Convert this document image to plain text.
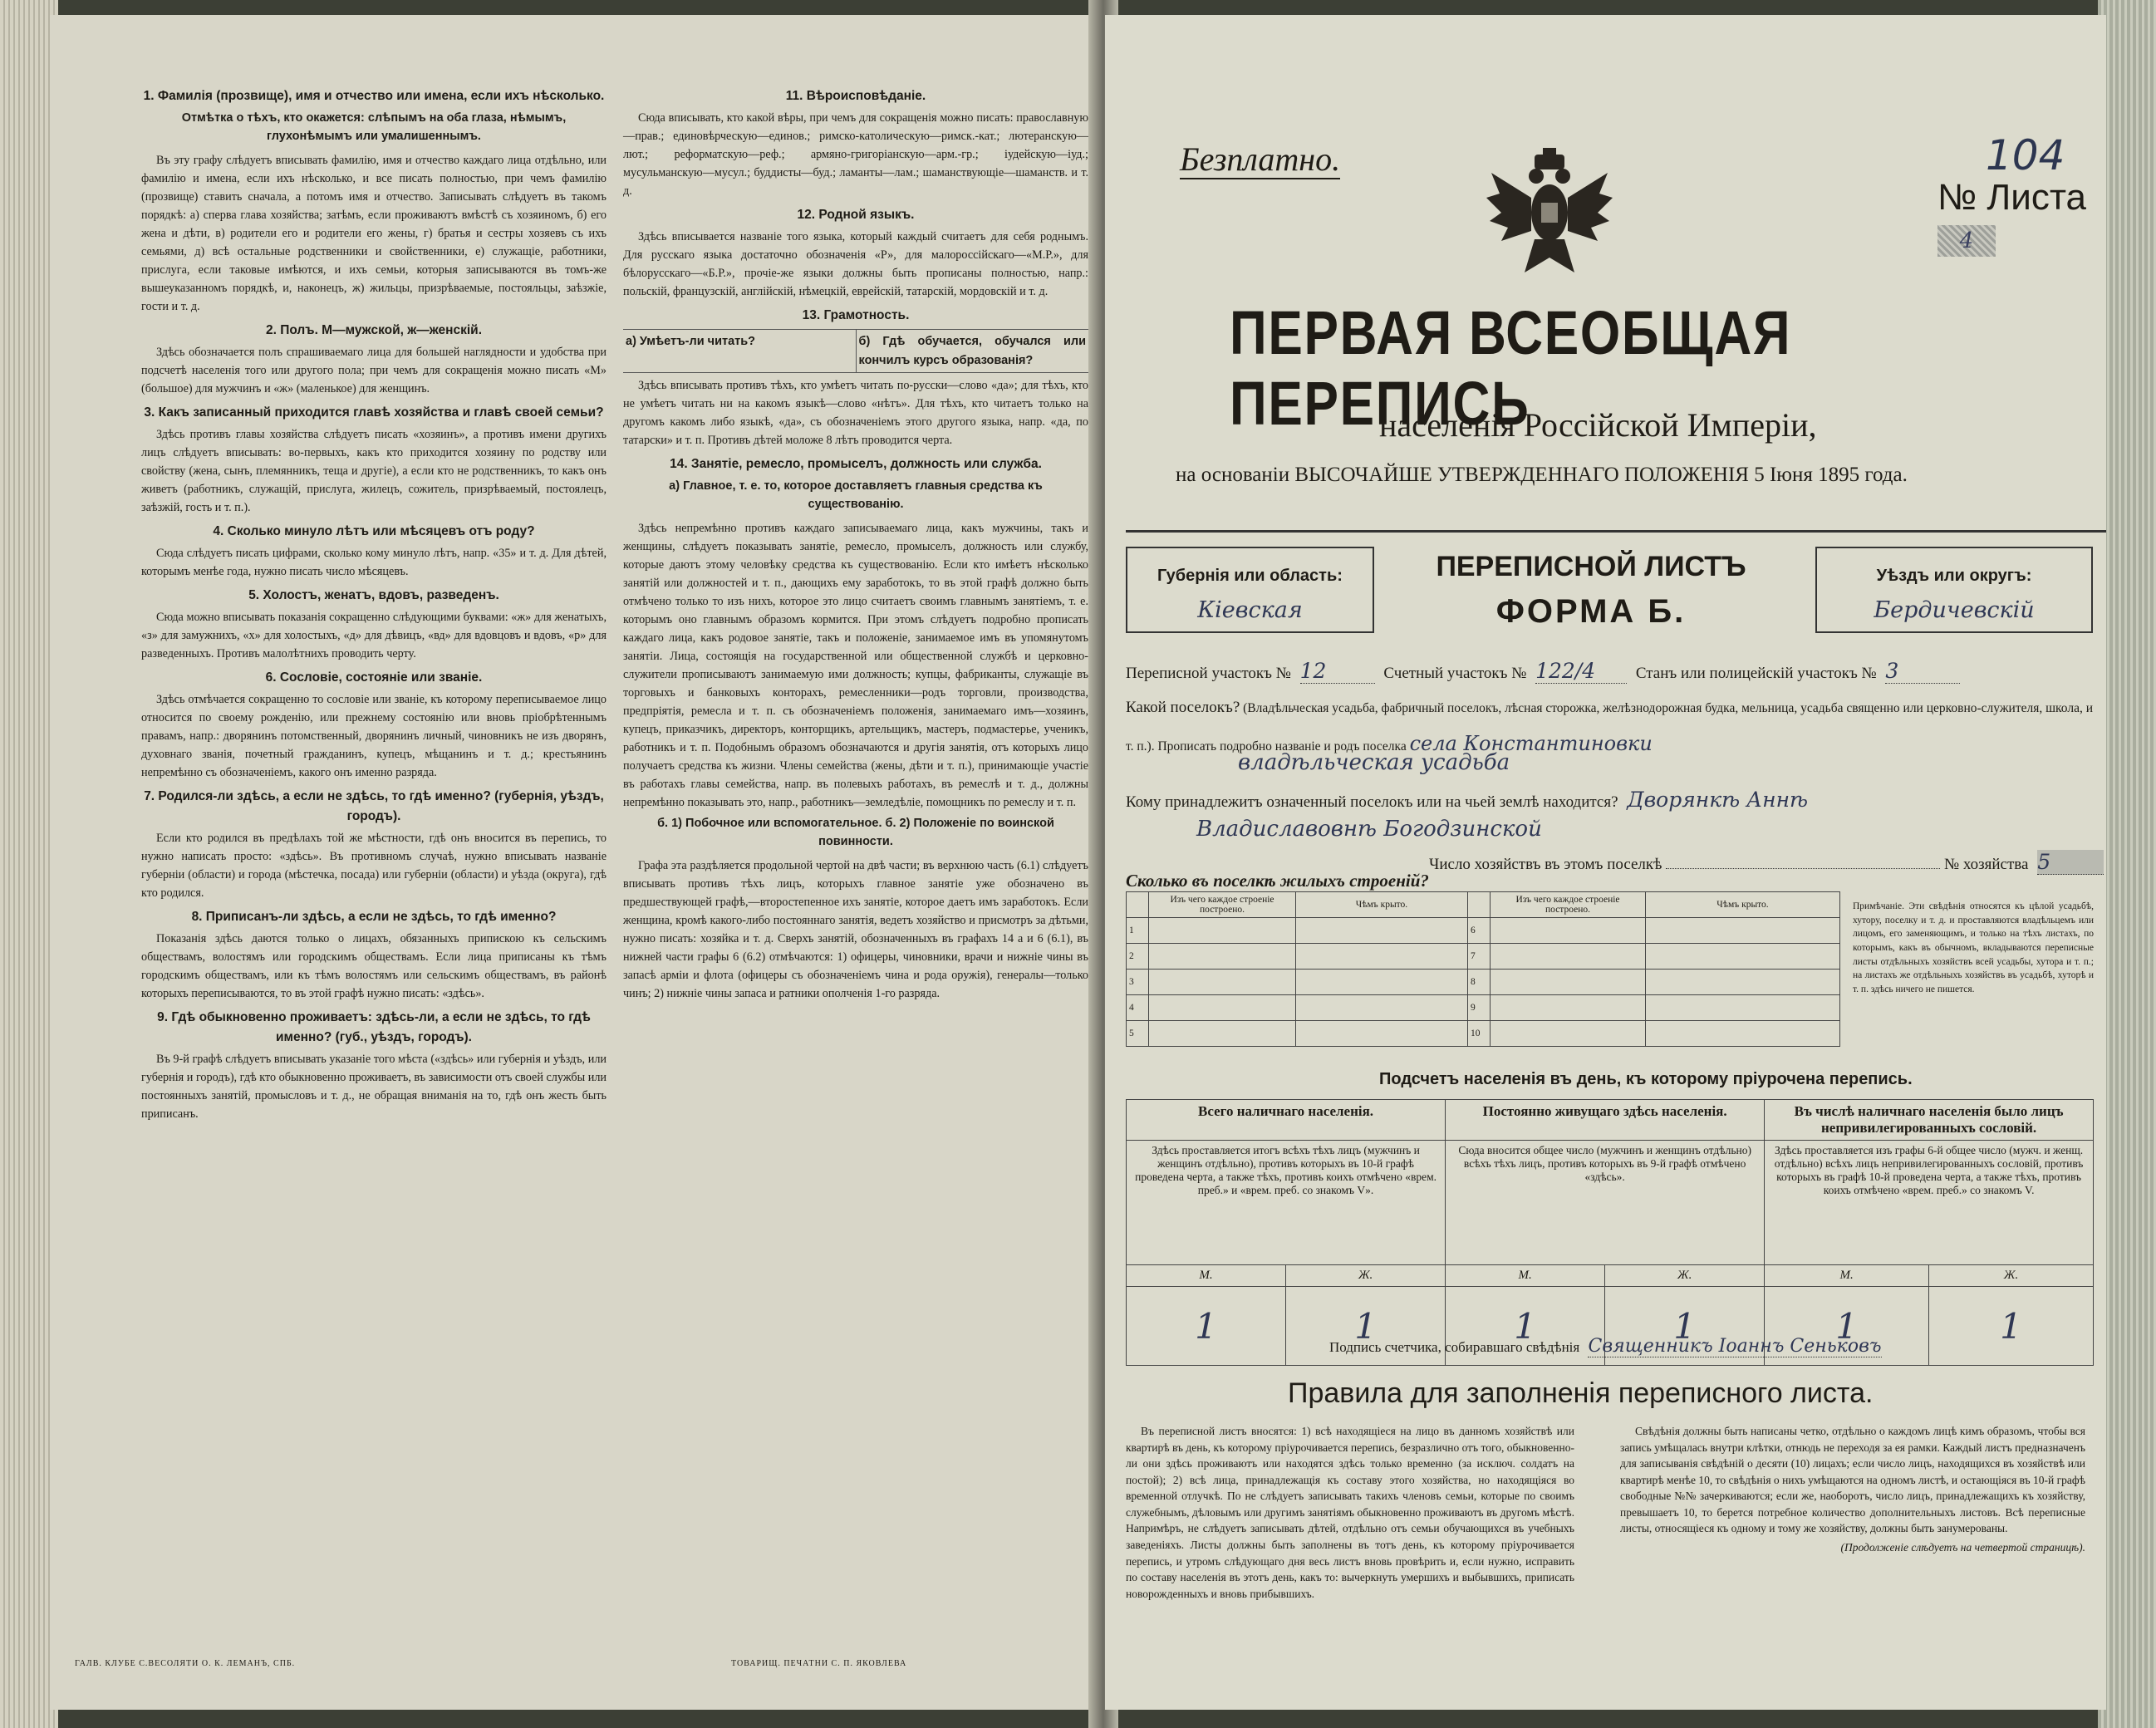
1. Фамилія (прозвище), имя и отчество или имена, если ихъ нѣсколько.
Отмѣтка о тѣхъ, кто окажется: слѣпымъ на оба глаза, нѣмымъ, глухонѣмымъ или умалишеннымъ.

Въ эту графу слѣдуетъ вписывать фамилію, имя и отчество каждаго лица отдѣльно, или фамилію и имена, если ихъ нѣсколько, и все писать полностью, при чемъ фамилію (прозвище) ставить сначала, а потомъ имя и отчество. Записывать слѣдуетъ въ такомъ порядкѣ: а) сперва глава хозяйства; затѣмъ, если проживаютъ вмѣстѣ съ хозяиномъ, б) его жена и дѣти, в) родители его и родители его жены, г) братья и сестры хозяевъ съ ихъ семьями, д) всѣ остальные родственники и свойственники, е) служащіе, работники, прислуга, если таковые имѣются, и ихъ семьи, которыя записываются въ томъ-же вышеуказанномъ порядкѣ, и, наконецъ, ж) жильцы, призрѣваемые, постояльцы, заѣзжіе, гости и т. д.

2. Полъ. М—мужской, ж—женскій.

Здѣсь обозначается полъ спрашиваемаго лица для большей наглядности и удобства при подсчетѣ населенія того или другого пола; при чемъ для сокращенія можно писать «М» (большое) для мужчинъ и «ж» (маленькое) для женщинъ.

3. Какъ записанный приходится главѣ хозяйства и главѣ своей семьи?

Здѣсь противъ главы хозяйства слѣдуетъ писать «хозяинъ», а противъ имени другихъ лицъ слѣдуетъ вписывать: во-первыхъ, какъ кто приходится хозяину по родству или свойству (жена, сынъ, племянникъ, теща и другіе), а если кто не родственникъ, то какъ онъ живетъ (работникъ, служащій, прислуга, жилецъ, сожитель, призрѣваемый, постоялецъ, заѣзжій, гость и т. п.).

4. Сколько минуло лѣтъ или мѣсяцевъ отъ роду?

Сюда слѣдуетъ писать цифрами, сколько кому минуло лѣтъ, напр. «35» и т. д. Для дѣтей, которымъ менѣе года, нужно писать число мѣсяцевъ.

5. Холостъ, женатъ, вдовъ, разведенъ.

Сюда можно вписывать показанія сокращенно слѣдующими буквами: «ж» для женатыхъ, «з» для замужнихъ, «х» для холостыхъ, «д» для дѣвицъ, «вд» для вдовцовъ и вдовъ, «р» для разведенныхъ. Противъ малолѣтнихъ проводить черту.

6. Сословіе, состояніе или званіе.

Здѣсь отмѣчается сокращенно то сословіе или званіе, къ которому перепиcываемое лицо относится по своему рожденію, или прежнему состоянію или вновь пріобрѣтеннымъ правамъ, напр.: дворянинъ потомственный, дворянинъ личный, чиновникъ не изъ дворянъ, духовнаго званія, почетный гражданинъ, купецъ, мѣщанинъ и т. д.; крестьянинъ непремѣнно съ обозначеніемъ, какого онъ именно разряда.

7. Родился-ли здѣсь, а если не здѣсь, то гдѣ именно? (губернія, уѣздъ, городъ).

Если кто родился въ предѣлахъ той же мѣстности, гдѣ онъ вносится въ перепись, то нужно написать просто: «здѣсь». Въ противномъ случаѣ, нужно вписывать названіе губерніи (области) и города (мѣстечка, посада) или губерніи (области) и уѣзда (округа), гдѣ кто родился.

8. Приписанъ-ли здѣсь, а если не здѣсь, то гдѣ именно?

Показанія здѣсь даются только о лицахъ, обязанныхъ припискою къ сельскимъ обществамъ, волостямъ или городскимъ обществамъ. Если лица приписаны къ тѣмъ городскимъ обществамъ, или къ тѣмъ волостямъ или сельскимъ обществамъ, въ районѣ которыхъ переписываются, то въ этой графѣ нужно писать: «здѣсь».

9. Гдѣ обыкновенно проживаетъ: здѣсь-ли, а если не здѣсь, то гдѣ именно? (губ., уѣздъ, городъ).

Въ 9-й графѣ слѣдуетъ вписывать указаніе того мѣста («здѣсь» или губернія и уѣздъ, или губернія и городъ), гдѣ кто обыкновенно проживаетъ, въ зависимости отъ своей службы или постоянныхъ занятій, промысловъ и т. д., не обращая вниманія на то, гдѣ онъ жесть быть приписанъ.

11. Вѣроисповѣданіе.

Сюда вписывать, кто какой вѣры, при чемъ для сокращенія можно писать: православную—прав.; единовѣрческую—единов.; римско-католическую—римск.-кат.; лютеранскую—лют.; реформатскую—реф.; армяно-григоріанскую—арм.-гр.; іудейскую—іуд.; мусульманскую—мусул.; буддисты—буд.; ламанты—лам.; шаманствующіе—шаманств. и т. д.

12. Родной языкъ.

Здѣсь вписывается названіе того языка, который каждый считаетъ для себя роднымъ. Для русскаго языка достаточно обозначенія «Р», для малороссійскаго—«М.Р.», для бѣлорусскаго—«Б.Р.», прочіе-же языки должны быть прописаны полностью, напр.: польскій, французскій, англійскій, нѣмецкій, еврейскій, татарскій, мордовскій и т. д.

13. Грамотность.
а) Умѣетъ-ли читать?	б) Гдѣ обучается, обучался или кончилъ курсъ образованія?

Здѣсь вписывать противъ тѣхъ, кто умѣетъ читать по-русски—слово «да»; для тѣхъ, кто не умѣетъ читать ни на какомъ языкѣ—слово «нѣтъ». Для тѣхъ, кто читаетъ только на другомъ какомъ либо языкѣ, «да», съ обозначеніемъ этого другого языка, напр. «да, по татарски» и т. п. Противъ дѣтей моложе 8 лѣтъ проводится черта.

14. Занятіе, ремесло, промыселъ, должность или служба.
а) Главное, т. е. то, которое доставляетъ главныя средства къ существованію.

Здѣсь непремѣнно противъ каждаго записываемаго лица, какъ мужчины, такъ и женщины, слѣдуетъ показывать занятіе, ремесло, промыселъ, должность или службу, которые даютъ этому человѣку средства къ существованію. Если кто имѣетъ нѣсколько занятій или должностей и т. п., дающихъ ему заработокъ, то въ этой графѣ должно быть отмѣчено только то изъ нихъ, которое это лицо считаетъ своимъ главнымъ занятіемъ, т. е. которымъ оно главнымъ образомъ кормится. При этомъ слѣдуетъ подробно прописать каждаго лица, какъ родовое занятіе, такъ и положеніе, занимаемое имъ въ упомянутомъ занятіи. Лица, состоящія на государственной или общественной службѣ и церковно-служители прописываютъ занимаемую ими должность; купцы, фабриканты, служащіе въ торговыхъ и банковыхъ конторахъ, ремесленники—родъ торговли, производства, предпріятія, ремесла и т. п. съ обозначеніемъ положенія, занимаемаго имъ—хозяинъ, купецъ, приказчикъ, директоръ, конторщикъ, артельщикъ, мастеръ, подмастерье, ученикъ, работникъ и т. п. Подобнымъ образомъ обозначаются и другія занятія, отъ которыхъ лицо получаетъ средства къ жизни. Члены семейства (жены, дѣти и т. п.), принимающіе участіе въ работахъ главы семейства, напр. въ полевыхъ работахъ, въ ремеслѣ и т. д., должны непремѣнно показывать это, напр., работникъ—земледѣліе, помощникъ по ремеслу и т. п.

б. 1) Побочное или вспомогательное. б. 2) Положеніе по воинской повинности.

Графа эта раздѣляется продольной чертой на двѣ части; въ верхнюю часть (6.1) слѣдуетъ вписывать противъ тѣхъ лицъ, которыхъ главное занятіе уже обозначено въ предшествующей графѣ,—второстепенное ихъ занятіе, которое даетъ имъ заработокъ. Если женщина, кромѣ какого-либо постояннаго занятія, ведетъ хозяйство и присмотръ за дѣтьми, нужно писать: хозяйка и т. д. Сверхъ занятій, обозначенныхъ въ графахъ 14 а и 6 (6.1), въ нижней части графы 6 (6.2) отмѣчаются: 1) офицеры, чиновники, врачи и нижніе чины въ запасѣ арміи и флота (офицеры съ обозначеніемъ чина и рода оружія), генералы—только чинъ; 2) нижніе чины запаса и ратники ополченія 1-го разряда.

ГАЛВ. КЛУБЕ С.ВЕСОЛЯТИ О. К. ЛЕМАНЪ, СПБ.	ТОВАРИЩ. ПЕЧАТНИ С. П. ЯКОВЛЕВА
Безплатно.	104
№ Листа 4
ПЕРВАЯ ВСЕОБЩАЯ ПЕРЕПИСЬ
населенія Россійской Имперіи,
на основаніи ВЫСОЧАЙШЕ УТВЕРЖДЕННАГО ПОЛОЖЕНІЯ 5 Іюня 1895 года.
Губернія или область:
Кіевская
ПЕРЕПИСНОЙ ЛИСТЪ
ФОРМА Б.
Уѣздъ или округъ:
Бердичевскій
Переписной участокъ № 12	Счетный участокъ № 122/4	Станъ или полицейскій участокъ № 3
Какой поселокъ? (Владѣльческая усадьба, фабричный поселокъ, лѣсная сторожка, желѣзнодорожная будка, мельница, усадьба священно или церковно-служителя, школа, и т. п.). Прописать подробно названіе и родъ поселка села Константиновки
владѣльческая усадьба
Кому принадлежитъ означенный поселокъ или на чьей землѣ находится? Дворянкѣ Аннѣ
Владиславовнѣ Богодзинской
Число хозяйствъ въ этомъ поселкѣ	№ хозяйства 5
Сколько въ поселкѣ жилыхъ строеній?
	Изъ чего каждое строеніе построено.	Чѣмъ крыто.		Изъ чего каждое строеніе построено.	Чѣмъ крыто.
1			6		
2			7		
3			8		
4			9		
5			10		
Примѣчаніе. Эти свѣдѣнія относятся къ цѣлой усадьбѣ, хутору, поселку и т. д. и проставляются владѣльцемъ или лицомъ, его заменяющимъ, и только на тѣхъ листахъ, по которымъ, какъ въ обычномъ, вкладываются переписные листы отдѣльныхъ хозяйствъ всей усадьбы, хутора и т. п.; на листахъ же отдѣльныхъ хозяйствъ въ усадьбѣ, хуторѣ и т. п. здѣсь ничего не пишется.
Подсчетъ населенія въ день, къ которому пріурочена перепись.
Всего наличнаго населенія.		Постоянно живущаго здѣсь населенія.		Въ числѣ наличнаго населенія было лицъ непривилегированныхъ сословій.	
Здѣсь проставляется итогъ всѣхъ тѣхъ лицъ (мужчинъ и женщинъ отдѣльно), противъ которыхъ въ 10-й графѣ проведена черта, а также тѣхъ, противъ коихъ отмѣчено «врем. преб.» и «врем. преб. со знакомъ V».		Сюда вносится общее число (мужчинъ и женщинъ отдѣльно) всѣхъ тѣхъ лицъ, противъ которыхъ въ 9-й графѣ отмѣчено «здѣсь».		Здѣсь проставляется изъ графы 6-й общее число (мужч. и женщ. отдѣльно) всѣхъ лицъ непривилегированныхъ сословій, противъ которыхъ въ графѣ 10-й проведена черта, а также тѣхъ, противъ коихъ отмѣчено «врем. преб.» со знакомъ V.	
М.	Ж.	М.	Ж.	М.	Ж.
1	1	1	1	1	1
Подпись счетчика, собиравшаго свѣдѣнія Священникъ Іоаннъ Сеньковъ
Правила для заполненія переписного листа.

Въ переписной листъ вносятся: 1) всѣ находящіеся на лицо въ данномъ хозяйствѣ или квартирѣ въ день, къ которому пріурочивается перепись, безразлично отъ того, обыкновенно-ли они здѣсь проживаютъ или находятся здѣсь только временно (за исключ. солдатъ на постой); 2) всѣ лица, принадлежащія къ составу этого хозяйства, но находящіяся во временной отлучкѣ. По не слѣдуетъ записывать такихъ членовъ семьи, которые по своимъ служебнымъ, дѣловымъ или другимъ занятіямъ обыкновенно проживаютъ въ другомъ мѣстѣ. Напримѣръ, не слѣдуетъ записывать дѣтей, отдѣльно отъ семьи обучающихся въ учебныхъ заведеніяхъ. Листы должны быть заполнены въ тотъ день, къ которому пріурочивается перепись, и утромъ слѣдующаго дня весь листъ вновь провѣрить и, если нужно, исправить по составу населенія въ этотъ день, какъ то: вычеркнуть умершихъ и выбывшихъ, приписать новорожденныхъ и вновь прибывшихъ.

Свѣдѣнія должны быть написаны четко, отдѣльно о каждомъ лицѣ кимъ образомъ, чтобы вся запись умѣщалась внутри клѣтки, отнюдь не переходя за ея рамки. Каждый листъ предназначенъ для записыванія свѣдѣній о десяти (10) лицахъ; если число лицъ, находящихся въ хозяйствѣ или квартирѣ менѣе 10, то свѣдѣнія о нихъ умѣщаются на одномъ листѣ, и остающіяся въ 10-й графѣ свободные №№ зачеркиваются; если же, наоборотъ, число лицъ, принадлежащихъ къ хозяйству, превышаетъ 10, то берется потребное количество дополнительныхъ листовъ. Всѣ переписные листы, относящіеся къ одному и тому же хозяйству, должны быть занумерованы.

(Продолженіе слѣдуетъ на четвертой страницѣ).
